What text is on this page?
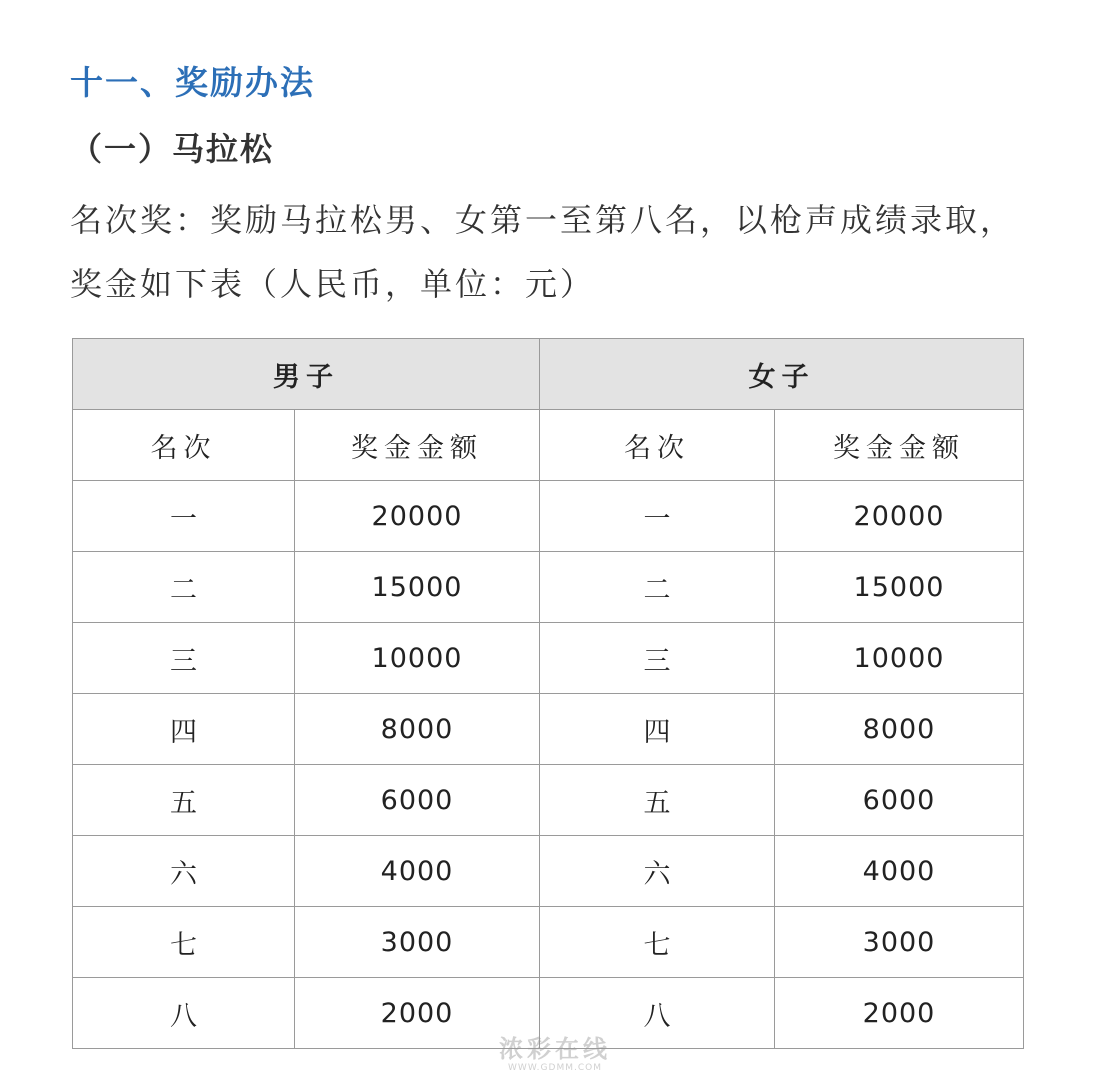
十一、奖励办法
（一）马拉松

名次奖：奖励马拉松男、女第一至第八名，以枪声成绩录取，奖金如下表（人民币，单位：元）

男子		女子	
名次	奖金金额	名次	奖金金额
一	20000	一	20000
二	15000	二	15000
三	10000	三	10000
四	8000	四	8000
五	6000	五	6000
六	4000	六	4000
七	3000	七	3000
八	2000	八	2000
浓彩在线
WWW.GDMM.COM
